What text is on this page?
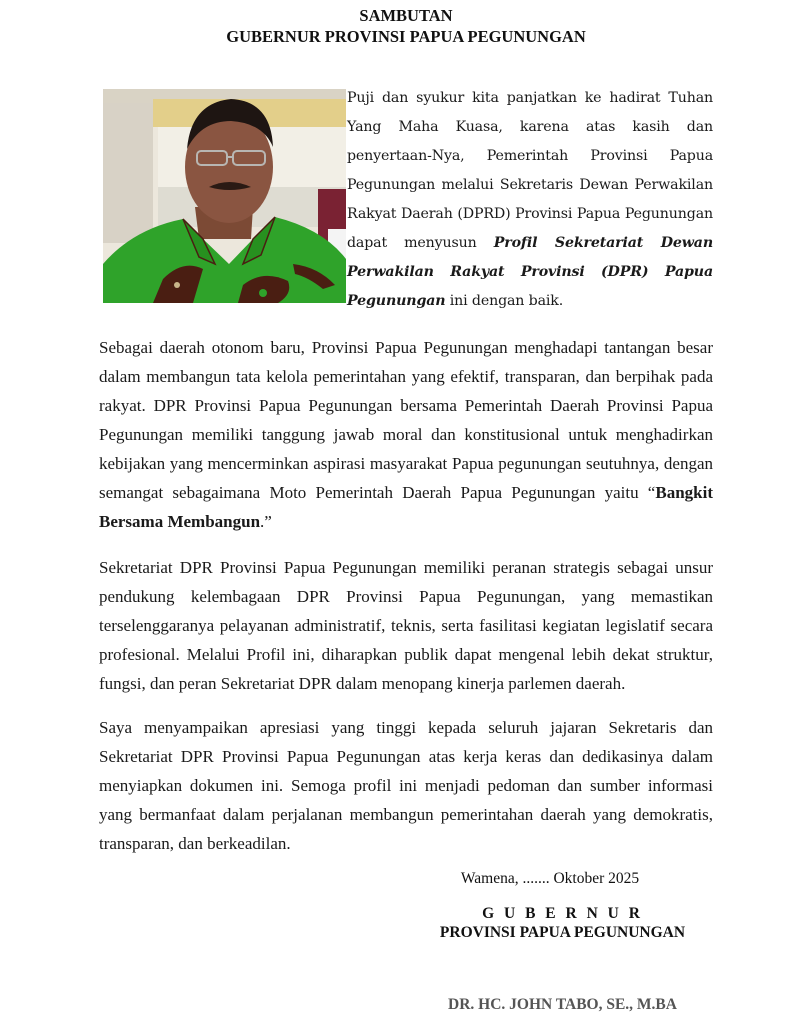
SAMBUTAN
GUBERNUR PROVINSI PAPUA PEGUNUNGAN
Puji dan syukur kita panjatkan ke hadirat Tuhan Yang Maha Kuasa, karena atas kasih dan penyertaan-Nya, Pemerintah Provinsi Papua Pegunungan melalui Sekretaris Dewan Perwakilan Rakyat Daerah (DPRD) Provinsi Papua Pegunungan dapat menyusun Profil Sekretariat Dewan Perwakilan Rakyat Provinsi (DPR) Papua Pegunungan ini dengan baik.
Sebagai daerah otonom baru, Provinsi Papua Pegunungan menghadapi tantangan besar dalam membangun tata kelola pemerintahan yang efektif, transparan, dan berpihak pada rakyat. DPR Provinsi Papua Pegunungan bersama Pemerintah Daerah Provinsi Papua Pegunungan memiliki tanggung jawab moral dan konstitusional untuk menghadirkan kebijakan yang mencerminkan aspirasi masyarakat Papua pegunungan seutuhnya, dengan semangat sebagaimana Moto Pemerintah Daerah Papua Pegunungan yaitu “Bangkit Bersama Membangun.”
Sekretariat DPR Provinsi Papua Pegunungan memiliki peranan strategis sebagai unsur pendukung kelembagaan DPR Provinsi Papua Pegunungan, yang memastikan terselenggaranya pelayanan administratif, teknis, serta fasilitasi kegiatan legislatif secara profesional. Melalui Profil ini, diharapkan publik dapat mengenal lebih dekat struktur, fungsi, dan peran Sekretariat DPR dalam menopang kinerja parlemen daerah.
Saya menyampaikan apresiasi yang tinggi kepada seluruh jajaran Sekretaris dan Sekretariat DPR Provinsi Papua Pegunungan atas kerja keras dan dedikasinya dalam menyiapkan dokumen ini. Semoga profil ini menjadi pedoman dan sumber informasi yang bermanfaat dalam perjalanan membangun pemerintahan daerah yang demokratis, transparan, dan berkeadilan.
Wamena, ....... Oktober 2025
G U B E R N U R
PROVINSI PAPUA PEGUNUNGAN
DR. HC. JOHN TABO, SE., M.BA
